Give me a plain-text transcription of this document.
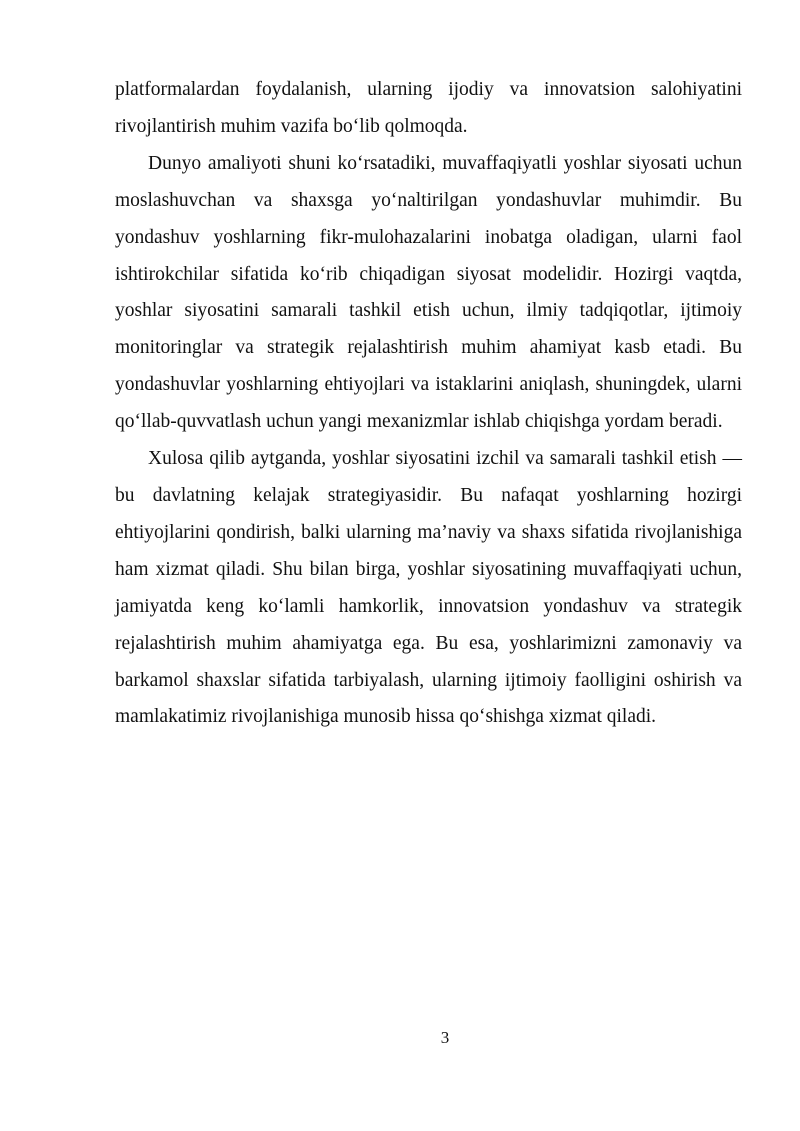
platformalardan foydalanish, ularning ijodiy va innovatsion salohiyatini rivojlantirish muhim vazifa bo‘lib qolmoqda.

Dunyo amaliyoti shuni ko‘rsatadiki, muvaffaqiyatli yoshlar siyosati uchun moslashuvchan va shaxsga yo‘naltirilgan yondashuvlar muhimdir. Bu yondashuv yoshlarning fikr-mulohazalarini inobatga oladigan, ularni faol ishtirokchilar sifatida ko‘rib chiqadigan siyosat modelidir. Hozirgi vaqtda, yoshlar siyosatini samarali tashkil etish uchun, ilmiy tadqiqotlar, ijtimoiy monitoringlar va strategik rejalashtirish muhim ahamiyat kasb etadi. Bu yondashuvlar yoshlarning ehtiyojlari va istaklarini aniqlash, shuningdek, ularni qo‘llab-quvvatlash uchun yangi mexanizmlar ishlab chiqishga yordam beradi.

Xulosa qilib aytganda, yoshlar siyosatini izchil va samarali tashkil etish — bu davlatning kelajak strategiyasidir. Bu nafaqat yoshlarning hozirgi ehtiyojlarini qondirish, balki ularning ma’naviy va shaxs sifatida rivojlanishiga ham xizmat qiladi. Shu bilan birga, yoshlar siyosatining muvaffaqiyati uchun, jamiyatda keng ko‘lamli hamkorlik, innovatsion yondashuv va strategik rejalashtirish muhim ahamiyatga ega. Bu esa, yoshlarimizni zamonaviy va barkamol shaxslar sifatida tarbiyalash, ularning ijtimoiy faolligini oshirish va mamlakatimiz rivojlanishiga munosib hissa qo‘shishga xizmat qiladi.

3
